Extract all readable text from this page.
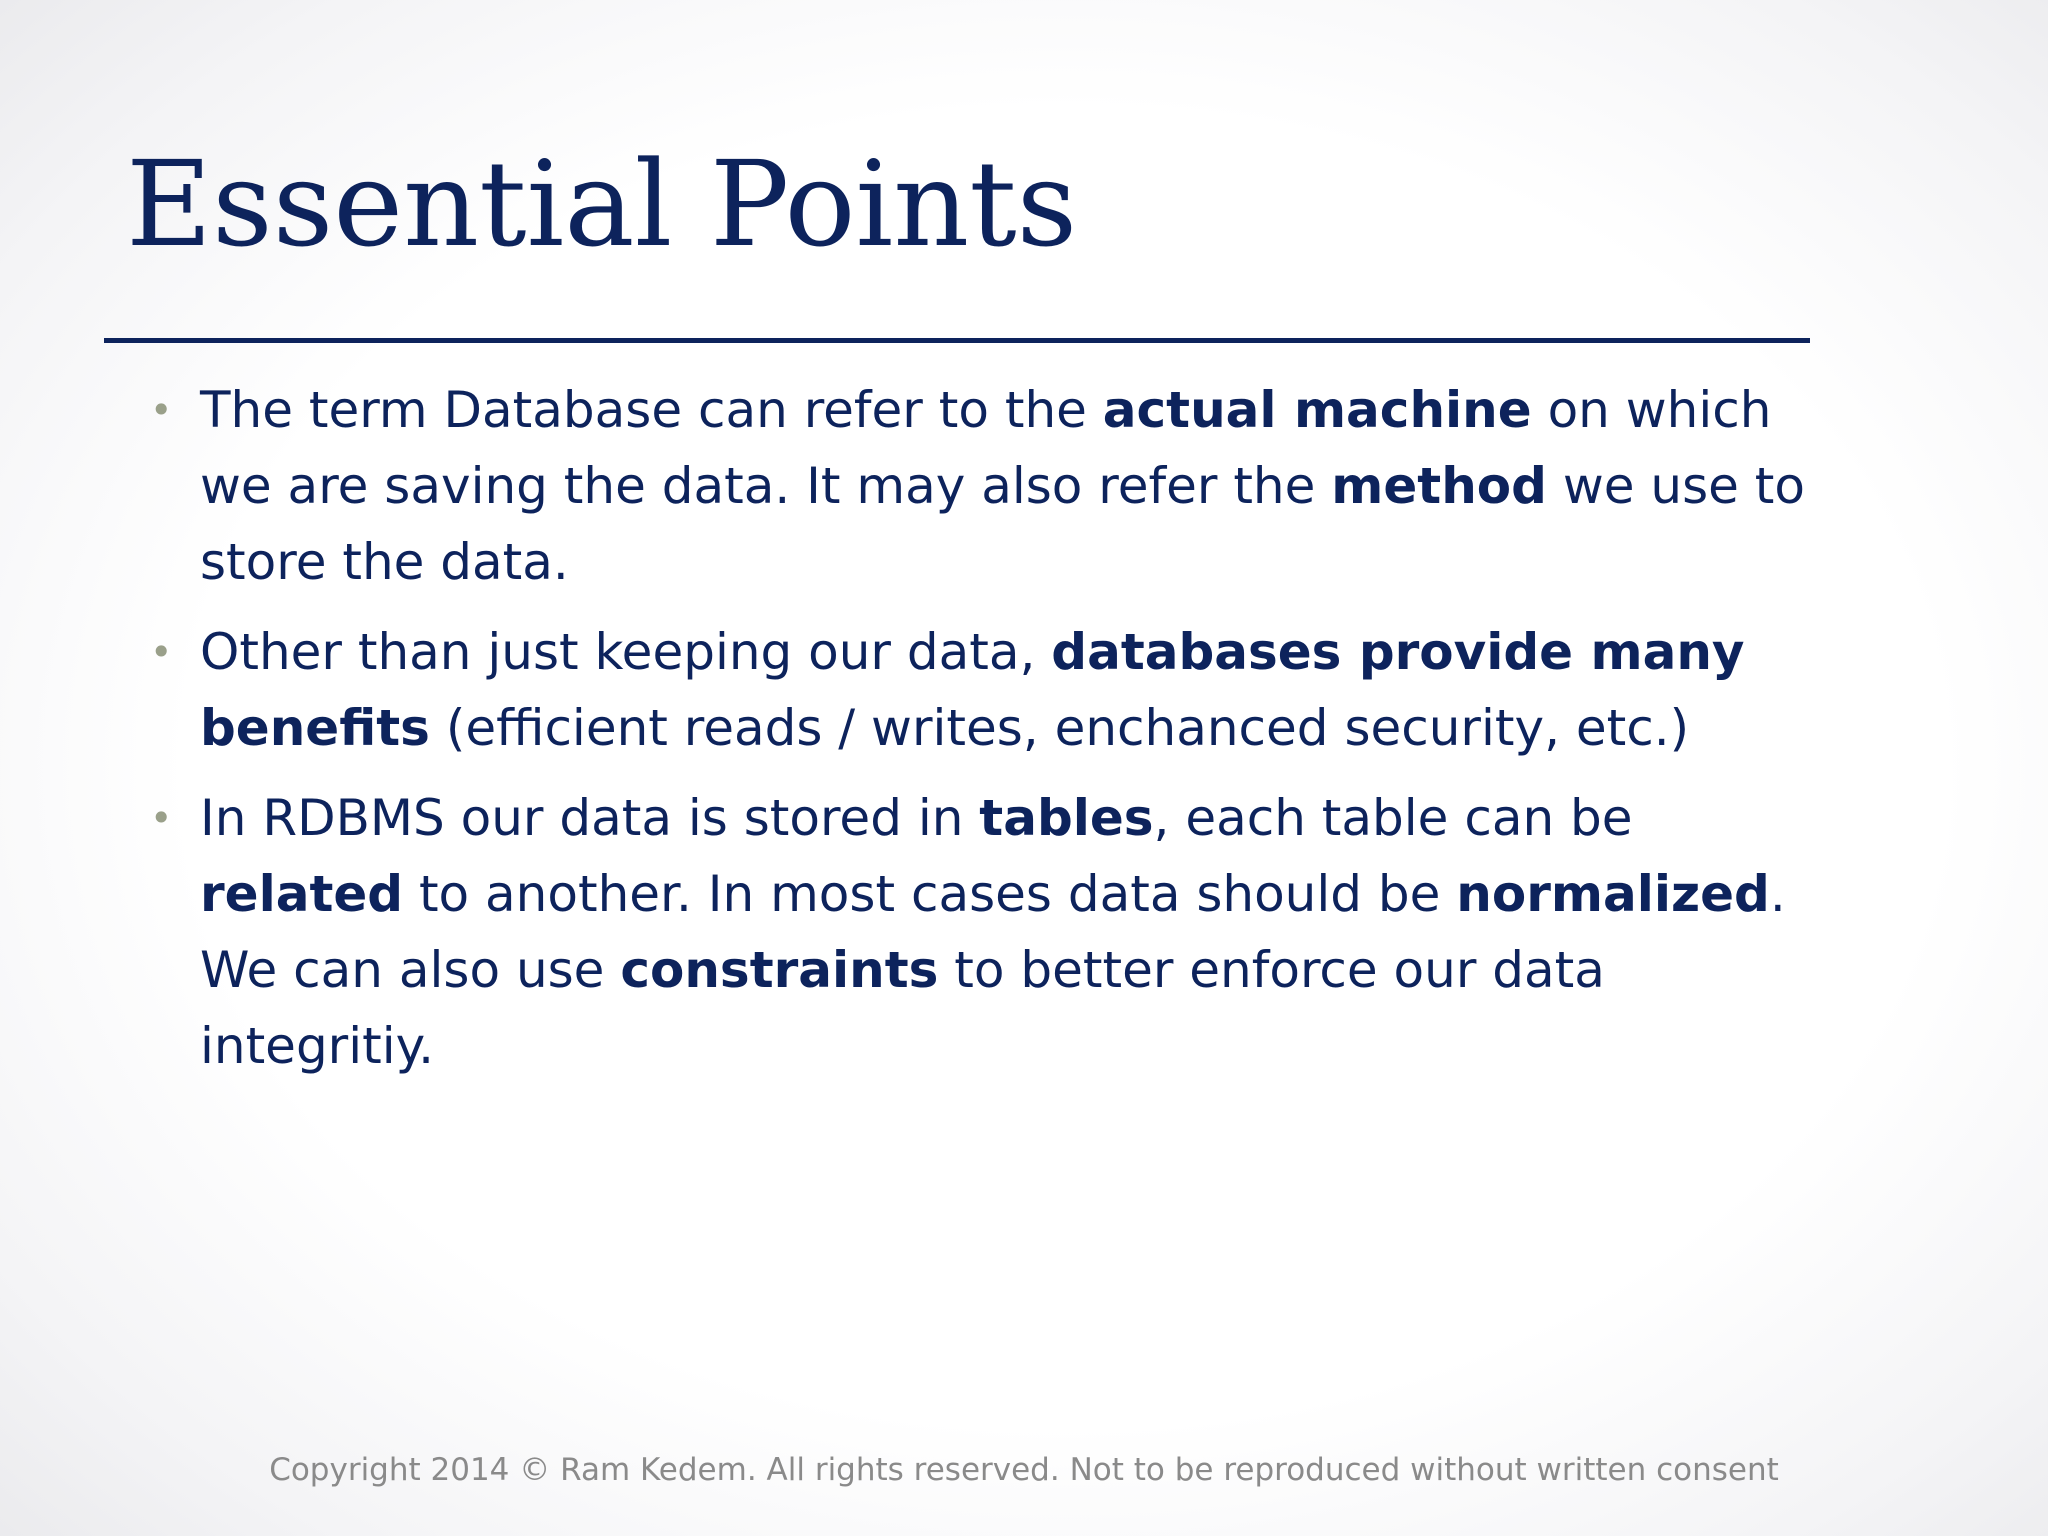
Essential Points
• The term Database can refer to the actual machine on which we are saving the data. It may also refer the method we use to store the data.
• Other than just keeping our data, databases provide many benefits (efficient reads / writes, enchanced security, etc.)
• In RDBMS our data is stored in tables, each table can be related to another. In most cases data should be normalized. We can also use constraints to better enforce our data integritiy.
Copyright 2014 © Ram Kedem. All rights reserved. Not to be reproduced without written consent
